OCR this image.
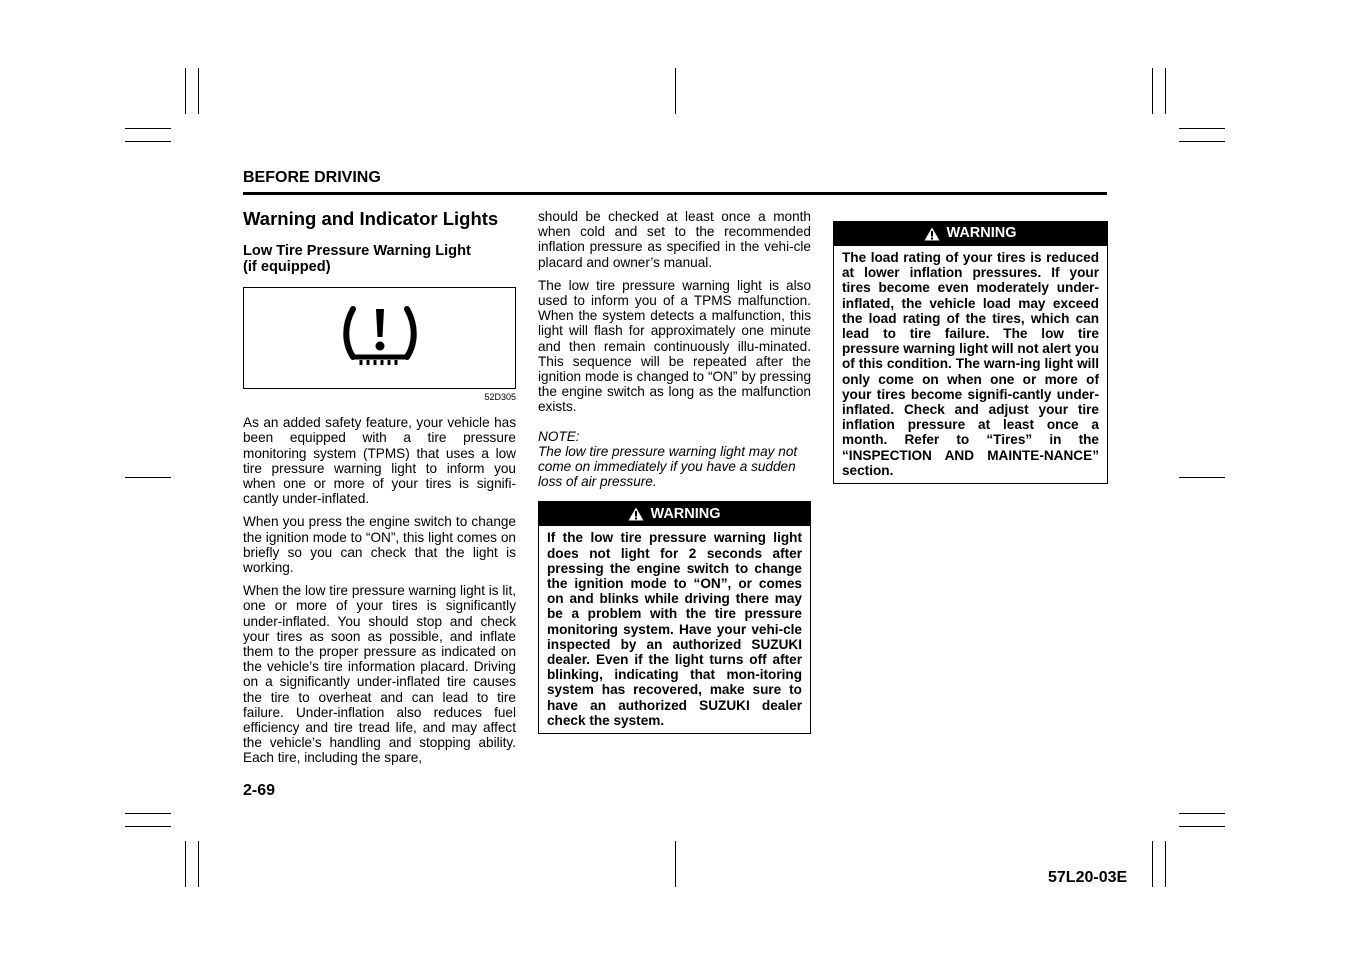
BEFORE DRIVING
Warning and Indicator Lights
Low Tire Pressure Warning Light
(if equipped)
52D305

As an added safety feature, your vehicle has been equipped with a tire pressure monitoring system (TPMS) that uses a low tire pressure warning light to inform you when one or more of your tires is signifi-cantly under-inflated.

When you press the engine switch to change the ignition mode to “ON”, this light comes on briefly so you can check that the light is working.

When the low tire pressure warning light is lit, one or more of your tires is significantly under-inflated. You should stop and check your tires as soon as possible, and inflate them to the proper pressure as indicated on the vehicle’s tire information placard. Driving on a significantly under-inflated tire causes the tire to overheat and can lead to tire failure. Under-inflation also reduces fuel efficiency and tire tread life, and may affect the vehicle’s handling and stopping ability. Each tire, including the spare,

should be checked at least once a month when cold and set to the recommended inflation pressure as specified in the vehi-cle placard and owner’s manual.

The low tire pressure warning light is also used to inform you of a TPMS malfunction. When the system detects a malfunction, this light will flash for approximately one minute and then remain continuously illu-minated. This sequence will be repeated after the ignition mode is changed to “ON” by pressing the engine switch as long as the malfunction exists.

NOTE:

The low tire pressure warning light may not come on immediately if you have a sudden loss of air pressure.

WARNING
If the low tire pressure warning light does not light for 2 seconds after pressing the engine switch to change the ignition mode to “ON”, or comes on and blinks while driving there may be a problem with the tire pressure monitoring system. Have your vehi-cle inspected by an authorized SUZUKI dealer. Even if the light turns off after blinking, indicating that mon-itoring system has recovered, make sure to have an authorized SUZUKI dealer check the system.
WARNING
The load rating of your tires is reduced at lower inflation pressures. If your tires become even moderately under-inflated, the vehicle load may exceed the load rating of the tires, which can lead to tire failure. The low tire pressure warning light will not alert you of this condition. The warn-ing light will only come on when one or more of your tires become signifi-cantly under-inflated. Check and adjust your tire inflation pressure at least once a month. Refer to “Tires” in the “INSPECTION AND MAINTE-NANCE” section.
2-69
57L20-03E
